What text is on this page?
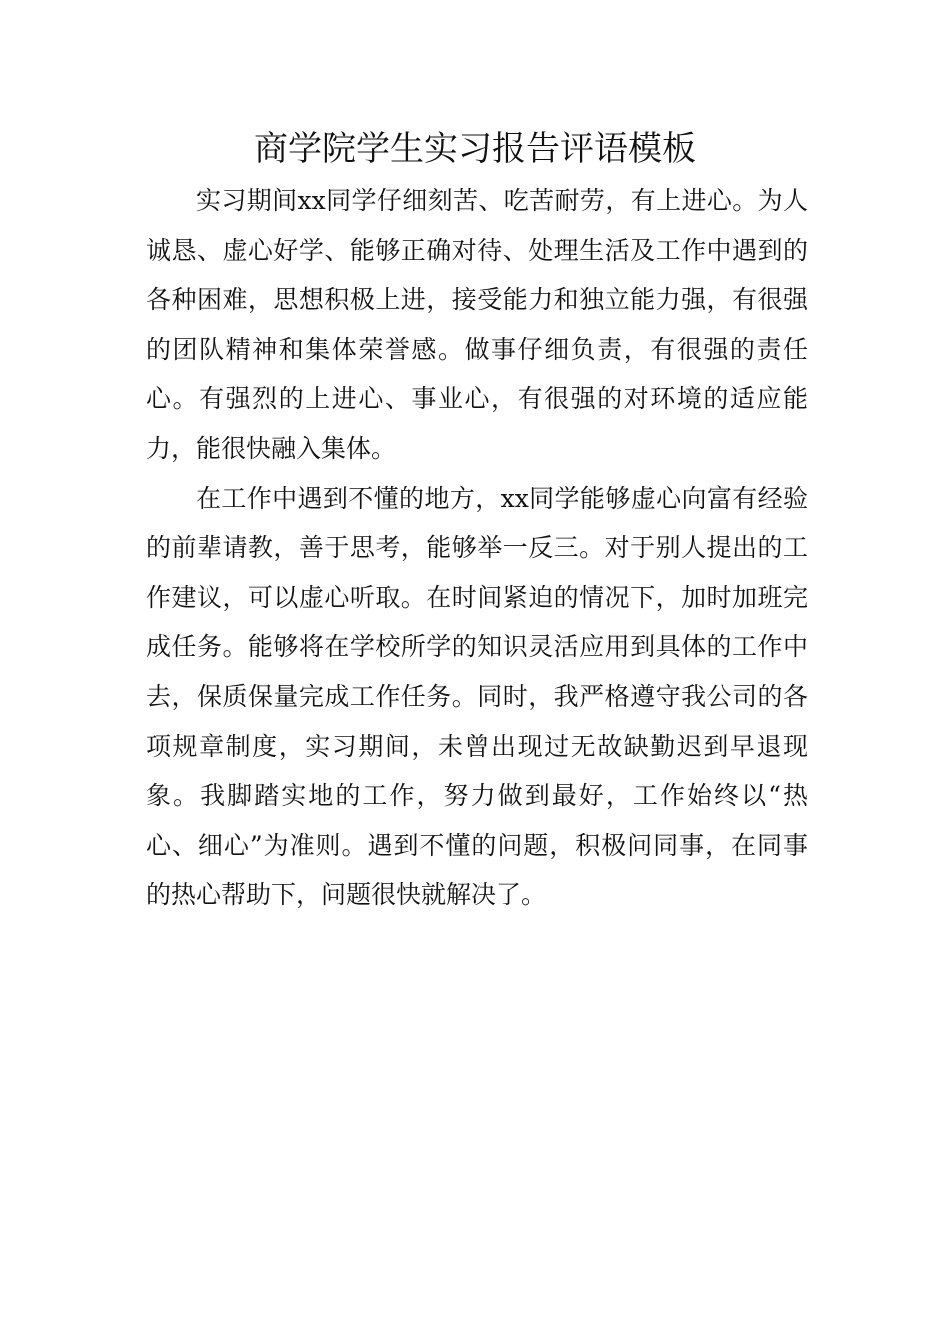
商学院学生实习报告评语模板

实习期间xx同学仔细刻苦、吃苦耐劳，有上进心。为人诚恳、虚心好学、能够正确对待、处理生活及工作中遇到的各种困难，思想积极上进，接受能力和独立能力强，有很强的团队精神和集体荣誉感。做事仔细负责，有很强的责任心。有强烈的上进心、事业心，有很强的对环境的适应能力，能很快融入集体。

在工作中遇到不懂的地方，xx同学能够虚心向富有经验的前辈请教，善于思考，能够举一反三。对于别人提出的工作建议，可以虚心听取。在时间紧迫的情况下，加时加班完成任务。能够将在学校所学的知识灵活应用到具体的工作中去，保质保量完成工作任务。同时，我严格遵守我公司的各项规章制度，实习期间，未曾出现过无故缺勤迟到早退现象。我脚踏实地的工作，努力做到最好，工作始终以“热心、细心”为准则。遇到不懂的问题，积极问同事，在同事的热心帮助下，问题很快就解决了。
